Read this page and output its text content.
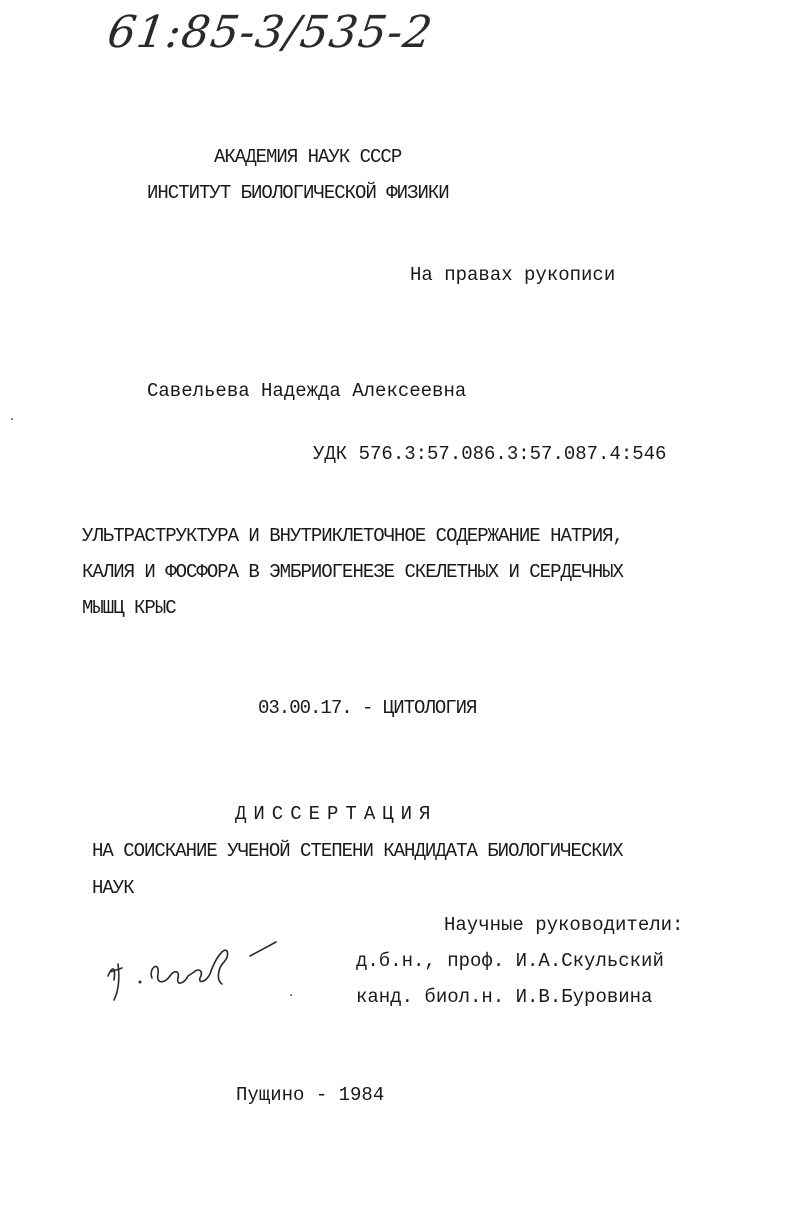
61:85-3/535-2
АКАДЕМИЯ НАУК СССР
ИНСТИТУТ БИОЛОГИЧЕСКОЙ ФИЗИКИ
На правах рукописи
Савельева Надежда Алексеевна
УДК 576.3:57.086.3:57.087.4:546
УЛЬТРАСТРУКТУРА И ВНУТРИКЛЕТОЧНОЕ СОДЕРЖАНИЕ НАТРИЯ,
КАЛИЯ И ФОСФОРА В ЭМБРИОГЕНЕЗЕ СКЕЛЕТНЫХ И СЕРДЕЧНЫХ
МЫШЦ КРЫС
03.00.17. - ЦИТОЛОГИЯ
ДИССЕРТАЦИЯ
НА СОИСКАНИЕ УЧЕНОЙ СТЕПЕНИ КАНДИДАТА БИОЛОГИЧЕСКИХ
НАУК
Научные руководители:
д.б.н., проф. И.А.Скульский
канд. биол.н. И.В.Буровина
Пущино - 1984
